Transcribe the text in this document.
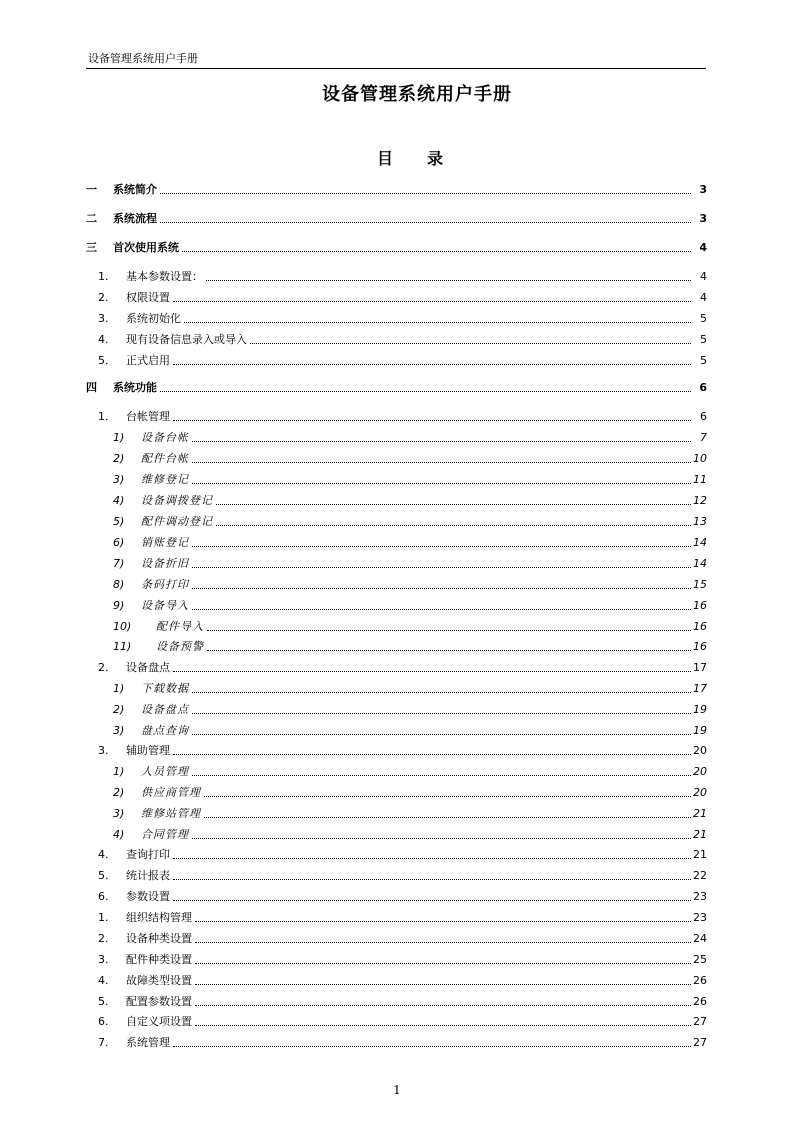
设备管理系统用户手册
设备管理系统用户手册
目 录
一	系统简介	3
二	系统流程	3
三	首次使用系统	4
1.	基本参数设置：	4
2.	权限设置	4
3.	系统初始化	5
4.	现有设备信息录入或导入	5
5.	正式启用	5
四	系统功能	6
1.	台帐管理	6
1)	设备台帐	7
2)	配件台帐	10
3)	维修登记	11
4)	设备调拨登记	12
5)	配件调动登记	13
6)	销账登记	14
7)	设备折旧	14
8)	条码打印	15
9)	设备导入	16
10)	配件导入	16
11)	设备预警	16
2.	设备盘点	17
1)	下载数据	17
2)	设备盘点	19
3)	盘点查询	19
3.	辅助管理	20
1)	人员管理	20
2)	供应商管理	20
3)	维修站管理	21
4)	合同管理	21
4.	查询打印	21
5.	统计报表	22
6.	参数设置	23
1.	组织结构管理	23
2.	设备种类设置	24
3.	配件种类设置	25
4.	故障类型设置	26
5.	配置参数设置	26
6.	自定义项设置	27
7.	系统管理	27
1
